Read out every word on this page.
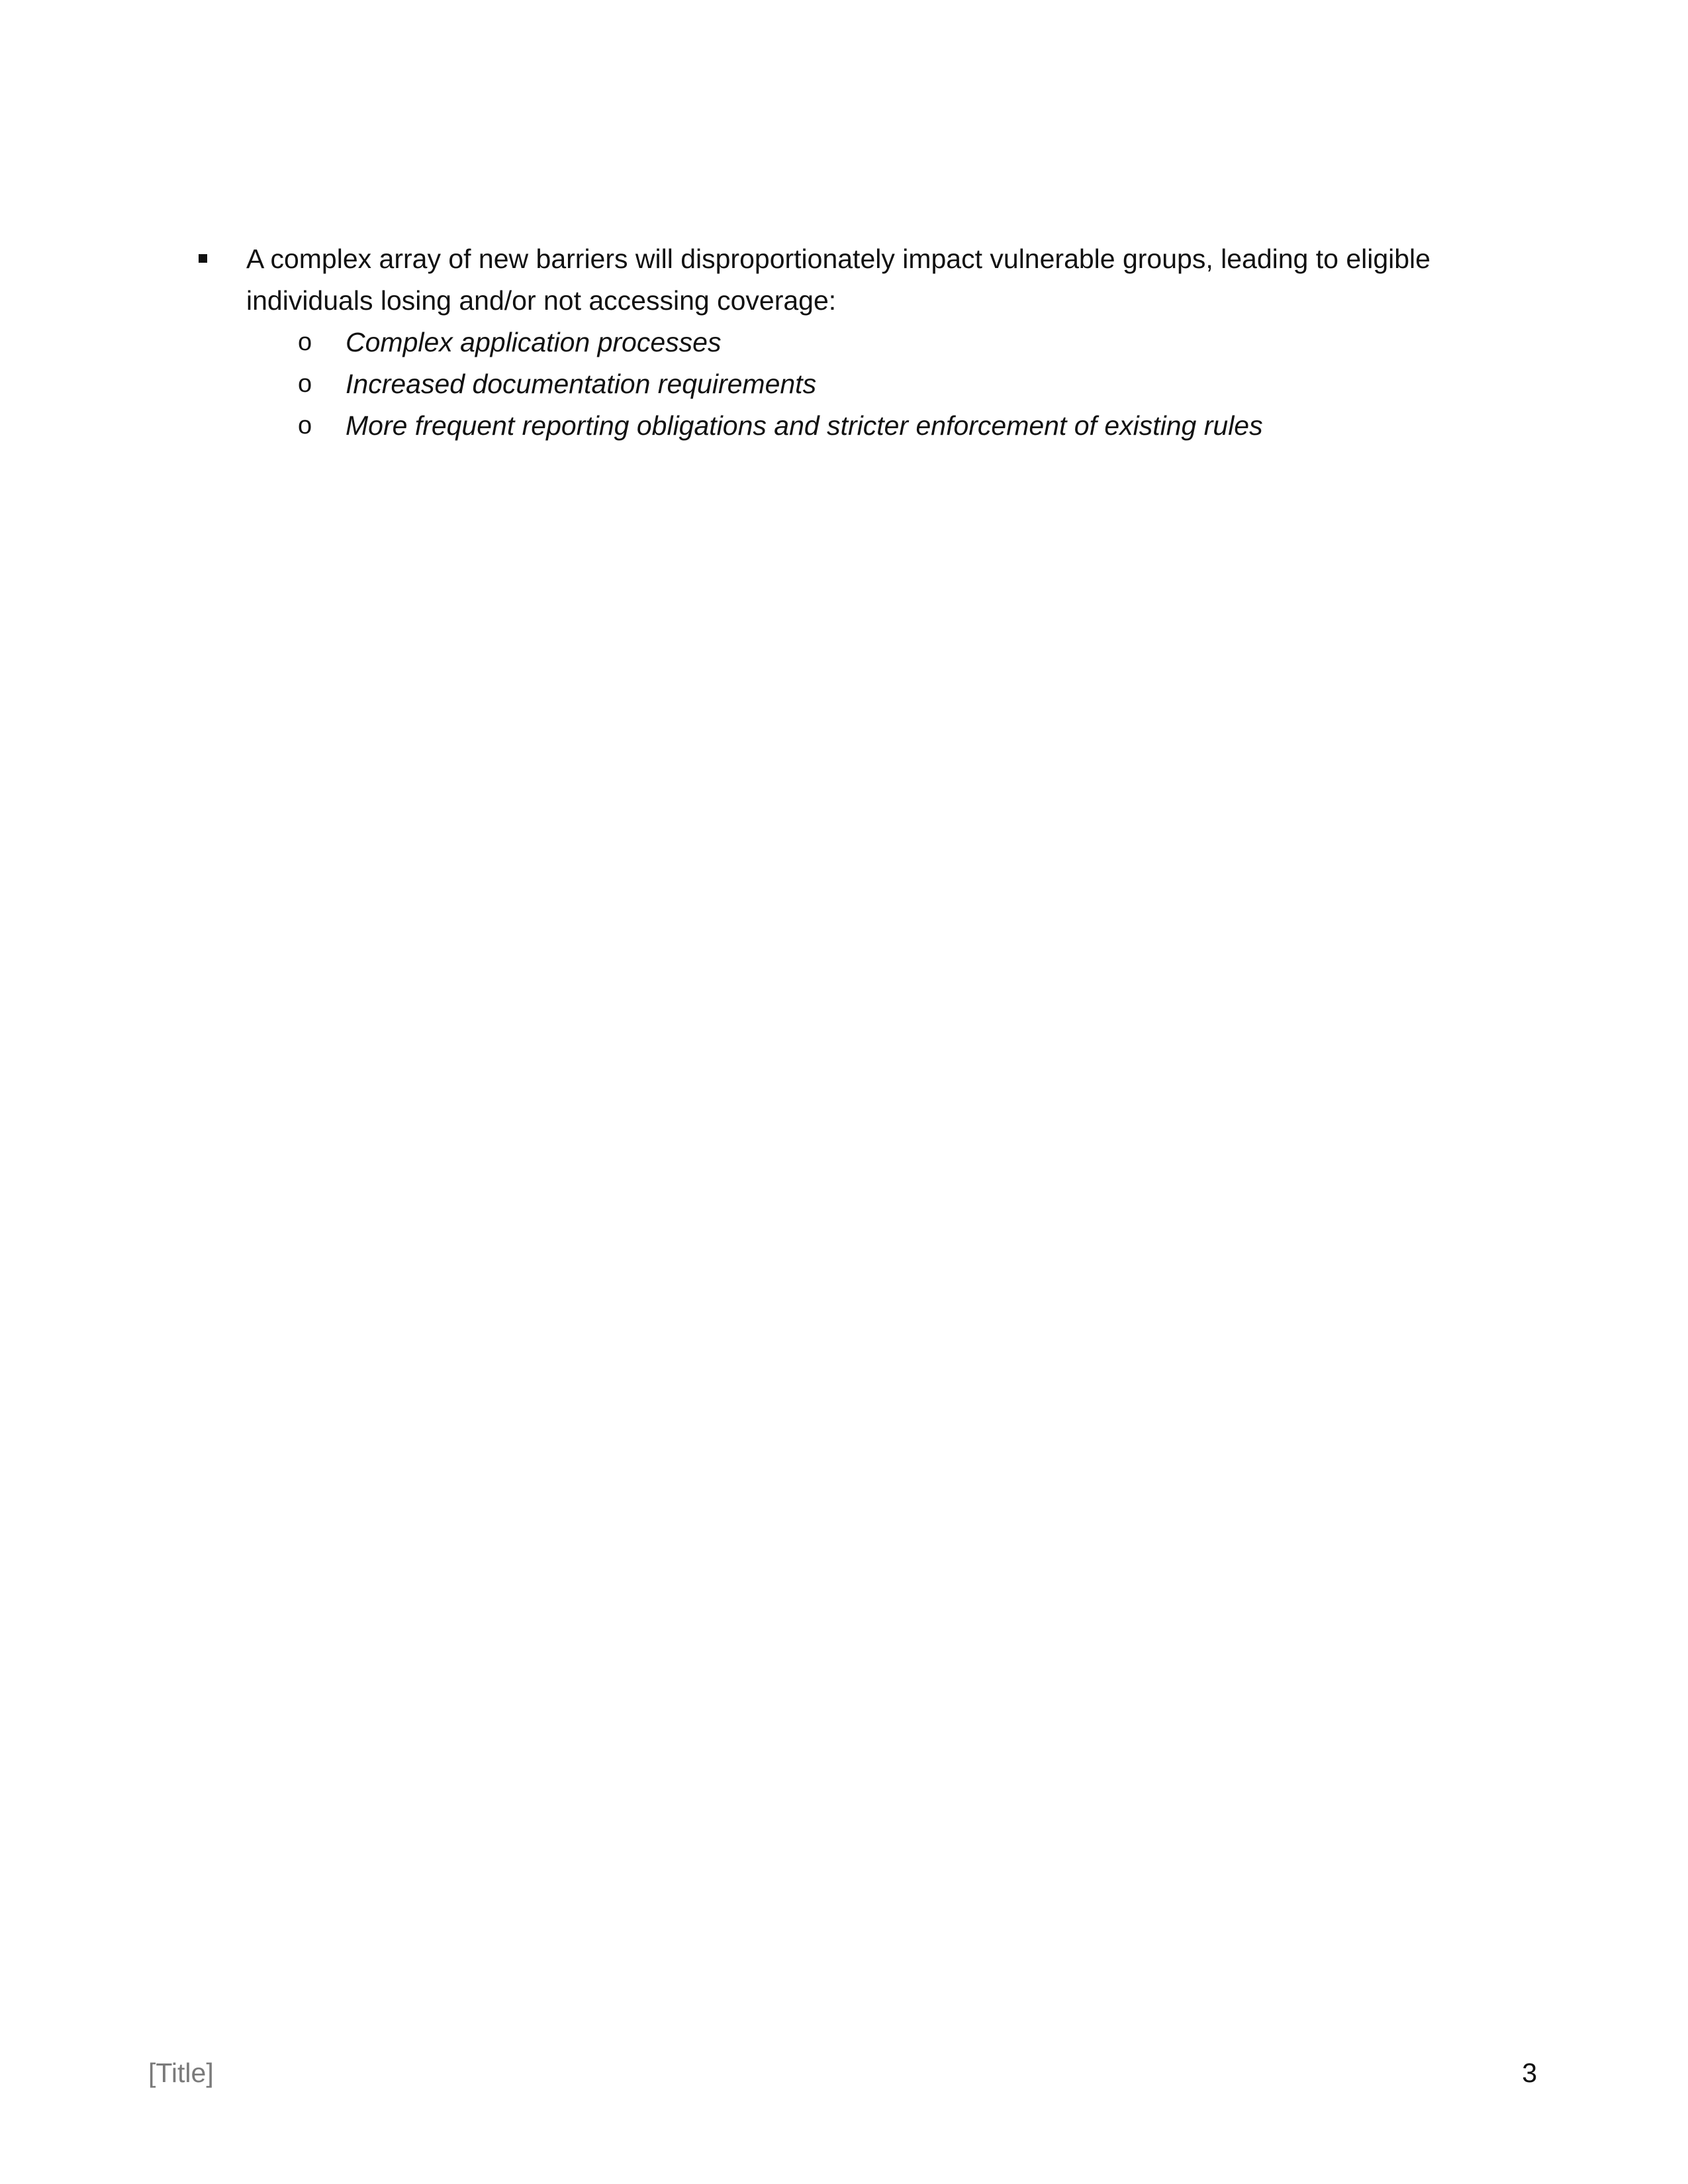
A complex array of new barriers will disproportionately impact vulnerable groups, leading to eligible
individuals losing and/or not accessing coverage:
o Complex application processes
o Increased documentation requirements
o More frequent reporting obligations and stricter enforcement of existing rules
[Title]	3
